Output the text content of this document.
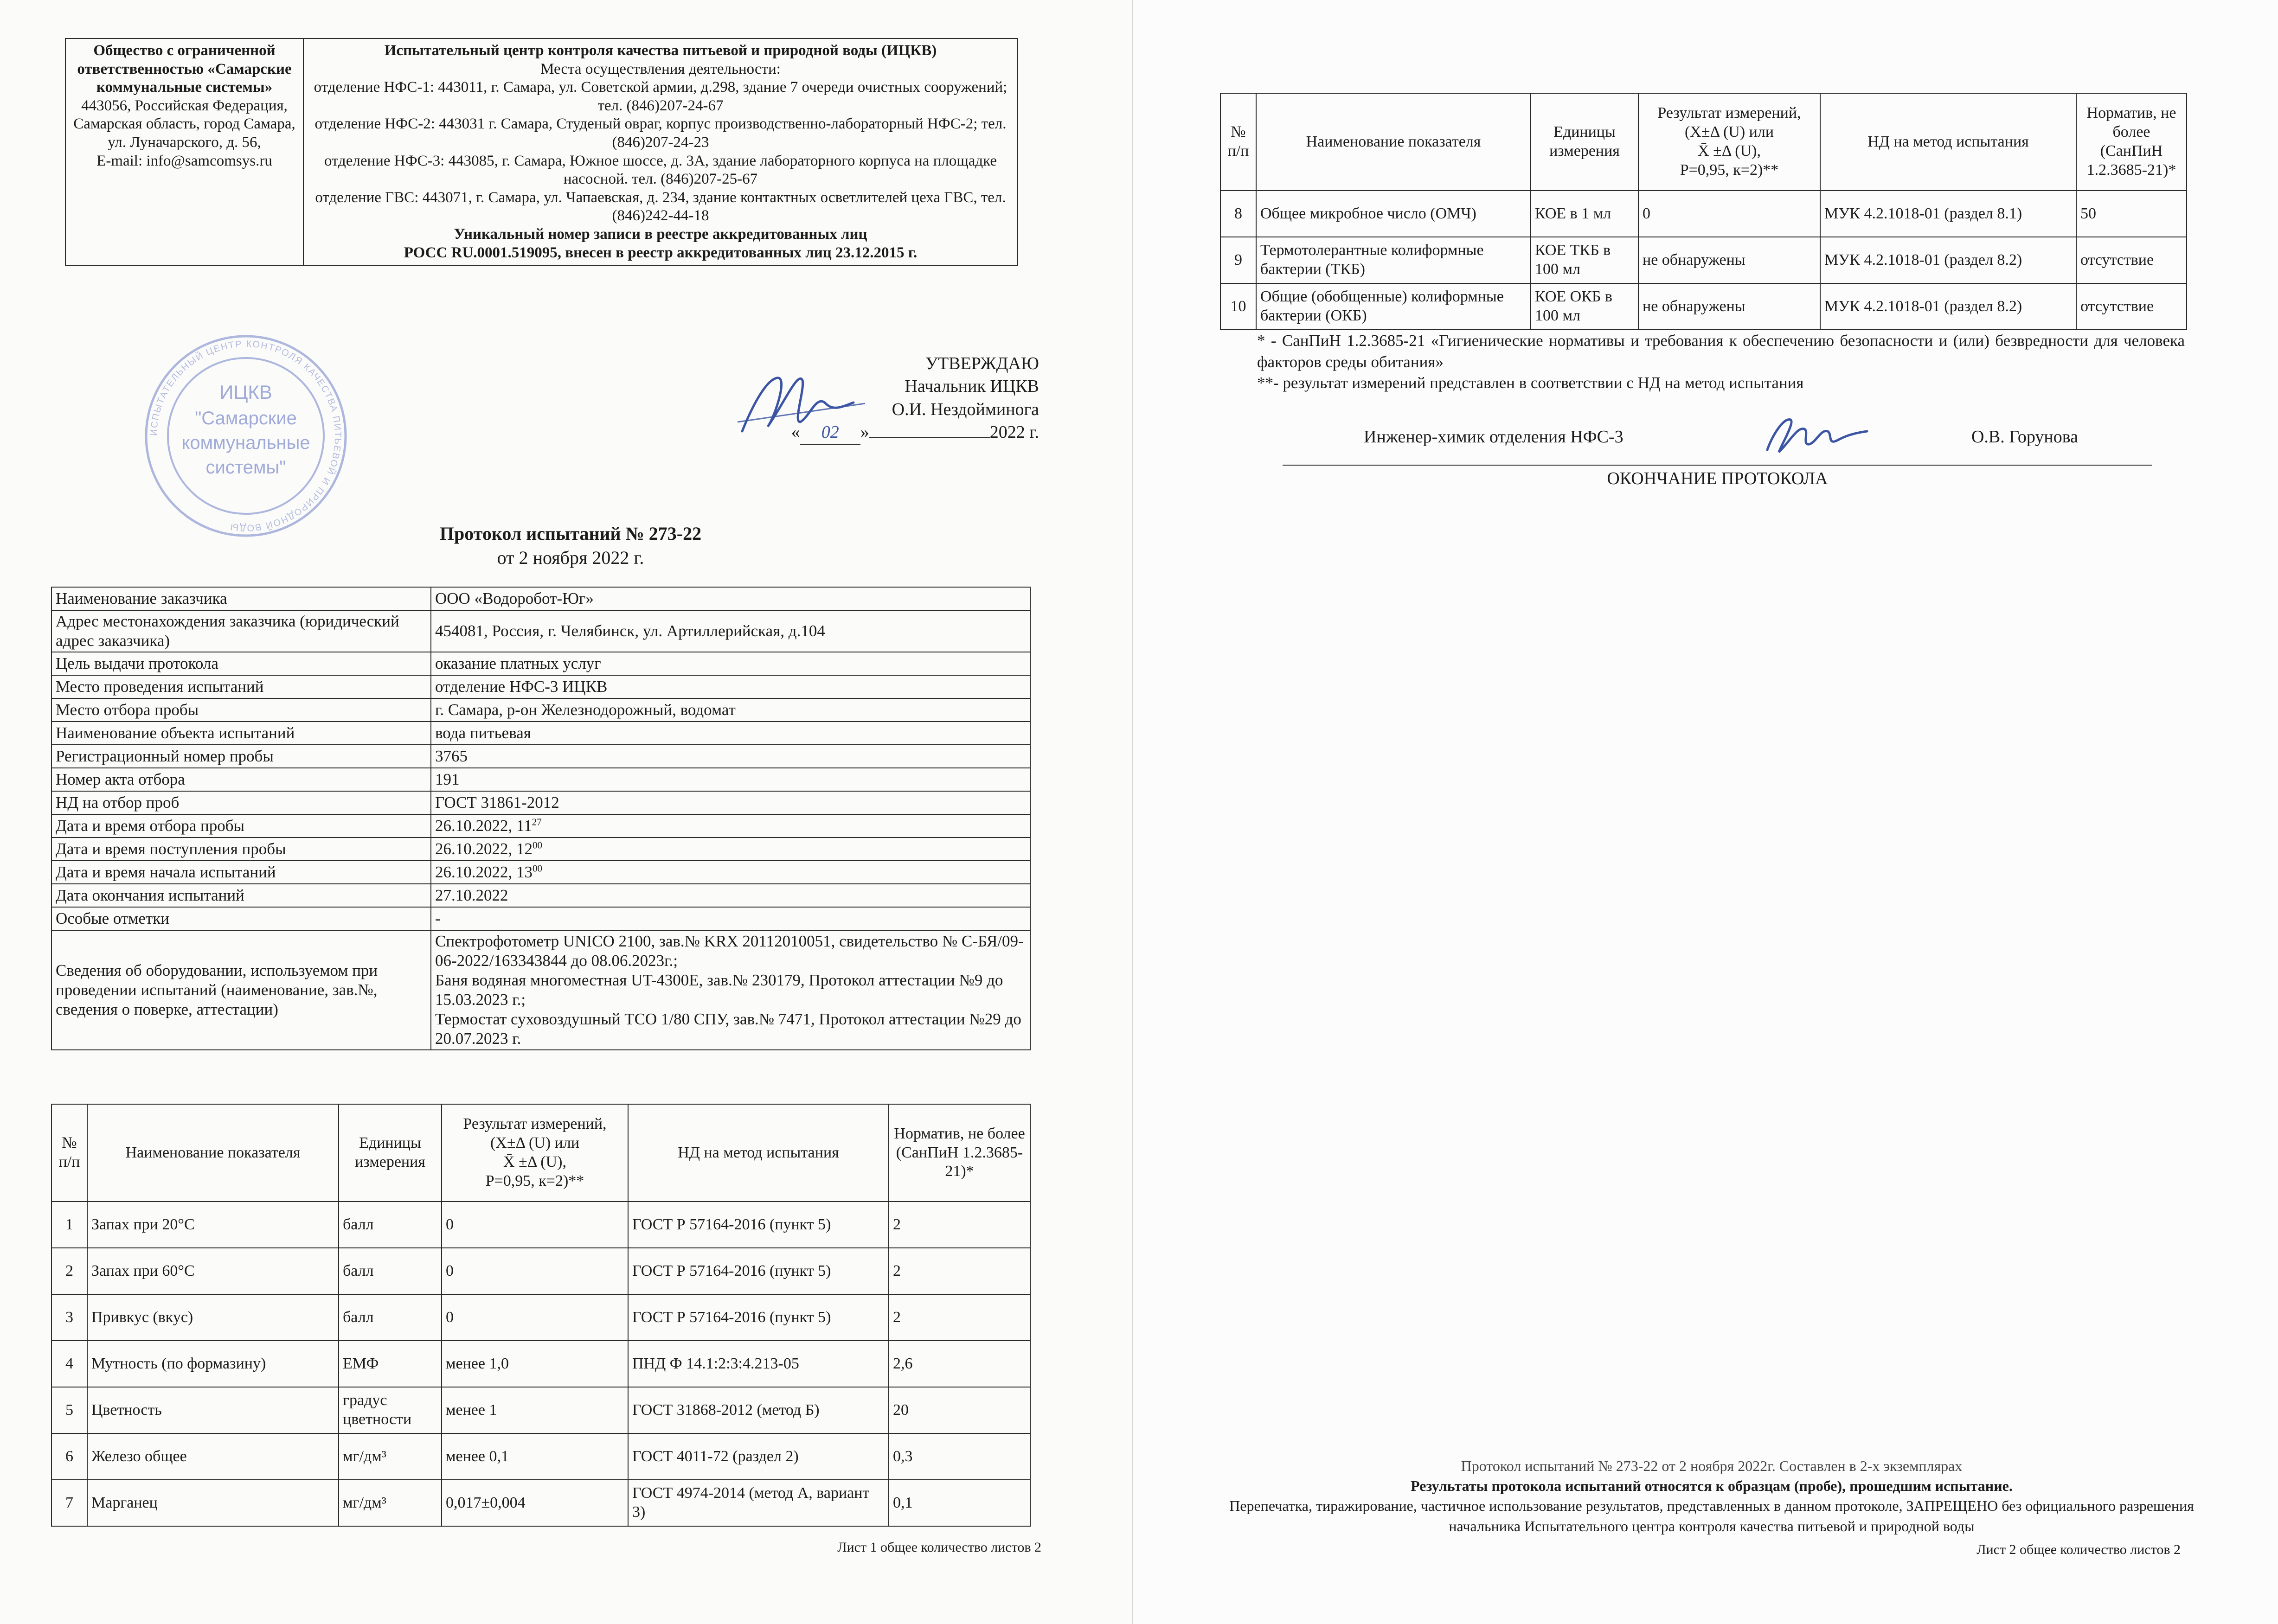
Общество с ограниченной ответственностью «Самарские коммунальные системы»
443056, Российская Федерация, Самарская область, город Самара, ул. Луначарского, д. 56,
E-mail: info@samcomsys.ru

Испытательный центр контроля качества питьевой и природной воды (ИЦКВ)
Места осуществления деятельности:
отделение НФС-1: 443011, г. Самара, ул. Советской армии, д.298, здание 7 очереди очистных сооружений; тел. (846)207-24-67
отделение НФС-2: 443031 г. Самара, Студеный овраг, корпус производственно-лабораторный НФС-2; тел. (846)207-24-23
отделение НФС-3: 443085, г. Самара, Южное шоссе, д. 3А, здание лабораторного корпуса на площадке насосной. тел. (846)207-25-67
отделение ГВС: 443071, г. Самара, ул. Чапаевская, д. 234, здание контактных осветлителей цеха ГВС, тел. (846)242-44-18
Уникальный номер записи в реестре аккредитованных лиц
РОСС RU.0001.519095, внесен в реестр аккредитованных лиц 23.12.2015 г.
ИСПЫТАТЕЛЬНЫЙ ЦЕНТР КОНТРОЛЯ КАЧЕСТВА ПИТЬЕВОЙ И ПРИРОДНОЙ ВОДЫ
ИЦКВ
"Самарские
коммунальные
системы"
УТВЕРЖДАЮ
Начальник ИЦКВ
О.И. Нездойминога
« 02 »	2022 г.
Протокол испытаний № 273-22
от 2 ноября 2022 г.
Наименование заказчика	ООО «Водоробот-Юг»
Адрес местонахождения заказчика (юридический адрес заказчика)	454081, Россия, г. Челябинск, ул. Артиллерийская, д.104
Цель выдачи протокола	оказание платных услуг
Место проведения испытаний	отделение НФС-3 ИЦКВ
Место отбора пробы	г. Самара, р-он Железнодорожный, водомат
Наименование объекта испытаний	вода питьевая
Регистрационный номер пробы	3765
Номер акта отбора	191
НД на отбор проб	ГОСТ 31861-2012
Дата и время отбора пробы	26.10.2022, $11^{27}$
Дата и время поступления пробы	26.10.2022, $12^{00}$
Дата и время начала испытаний	26.10.2022, $13^{00}$
Дата окончания испытаний	27.10.2022
Особые отметки	-
Сведения об оборудовании, используемом при проведении испытаний (наименование, зав.№, сведения о поверке, аттестации)	Спектрофотометр UNICO 2100, зав.№ KRX 20112010051, свидетельство № С-БЯ/09-06-2022/163343844 до 08.06.2023г.;
Баня водяная многоместная UT-4300E, зав.№ 230179, Протокол аттестации №9 до 15.03.2023 г.;
Термостат суховоздушный ТСО 1/80 СПУ, зав.№ 7471, Протокол аттестации №29 до 20.07.2023 г.
№ п/п	Наименование показателя	Единицы измерения	Результат измерений, (Х±Δ (U) или
X̄ ±Δ (U),
Р=0,95, к=2)**	НД на метод испытания	Норматив, не более (СанПиН 1.2.3685-21)*
1	Запах при 20°С	балл	0	ГОСТ Р 57164-2016 (пункт 5)	2
2	Запах при 60°С	балл	0	ГОСТ Р 57164-2016 (пункт 5)	2
3	Привкус (вкус)	балл	0	ГОСТ Р 57164-2016 (пункт 5)	2
4	Мутность (по формазину)	ЕМФ	менее 1,0	ПНД Ф 14.1:2:3:4.213-05	2,6
5	Цветность	градус цветности	менее 1	ГОСТ 31868-2012 (метод Б)	20
6	Железо общее	мг/дм³	менее 0,1	ГОСТ 4011-72 (раздел 2)	0,3
7	Марганец	мг/дм³	0,017±0,004	ГОСТ 4974-2014 (метод А, вариант 3)	0,1
Лист 1 общее количество листов 2
№ п/п	Наименование показателя	Единицы измерения	Результат измерений, (Х±Δ (U) или
X̄ ±Δ (U),
Р=0,95, к=2)**	НД на метод испытания	Норматив, не более (СанПиН 1.2.3685-21)*
8	Общее микробное число (ОМЧ)	КОЕ в 1 мл	0	МУК 4.2.1018-01 (раздел 8.1)	50
9	Термотолерантные колиформные бактерии (ТКБ)	КОЕ ТКБ в 100 мл	не обнаружены	МУК 4.2.1018-01 (раздел 8.2)	отсутствие
10	Общие (обобщенные) колиформные бактерии (ОКБ)	КОЕ ОКБ в 100 мл	не обнаружены	МУК 4.2.1018-01 (раздел 8.2)	отсутствие
* - СанПиН 1.2.3685-21 «Гигиенические нормативы и требования к обеспечению безопасности и (или) безвредности для человека факторов среды обитания»
**- результат измерений представлен в соответствии с НД на метод испытания
Инженер-химик отделения НФС-3	О.В. Горунова
ОКОНЧАНИЕ ПРОТОКОЛА
Протокол испытаний № 273-22 от 2 ноября 2022г. Составлен в 2-х экземплярах
Результаты протокола испытаний относятся к образцам (пробе), прошедшим испытание.
Перепечатка, тиражирование, частичное использование результатов, представленных в данном протоколе, ЗАПРЕЩЕНО без официального разрешения начальника Испытательного центра контроля качества питьевой и природной воды
Лист 2 общее количество листов 2
